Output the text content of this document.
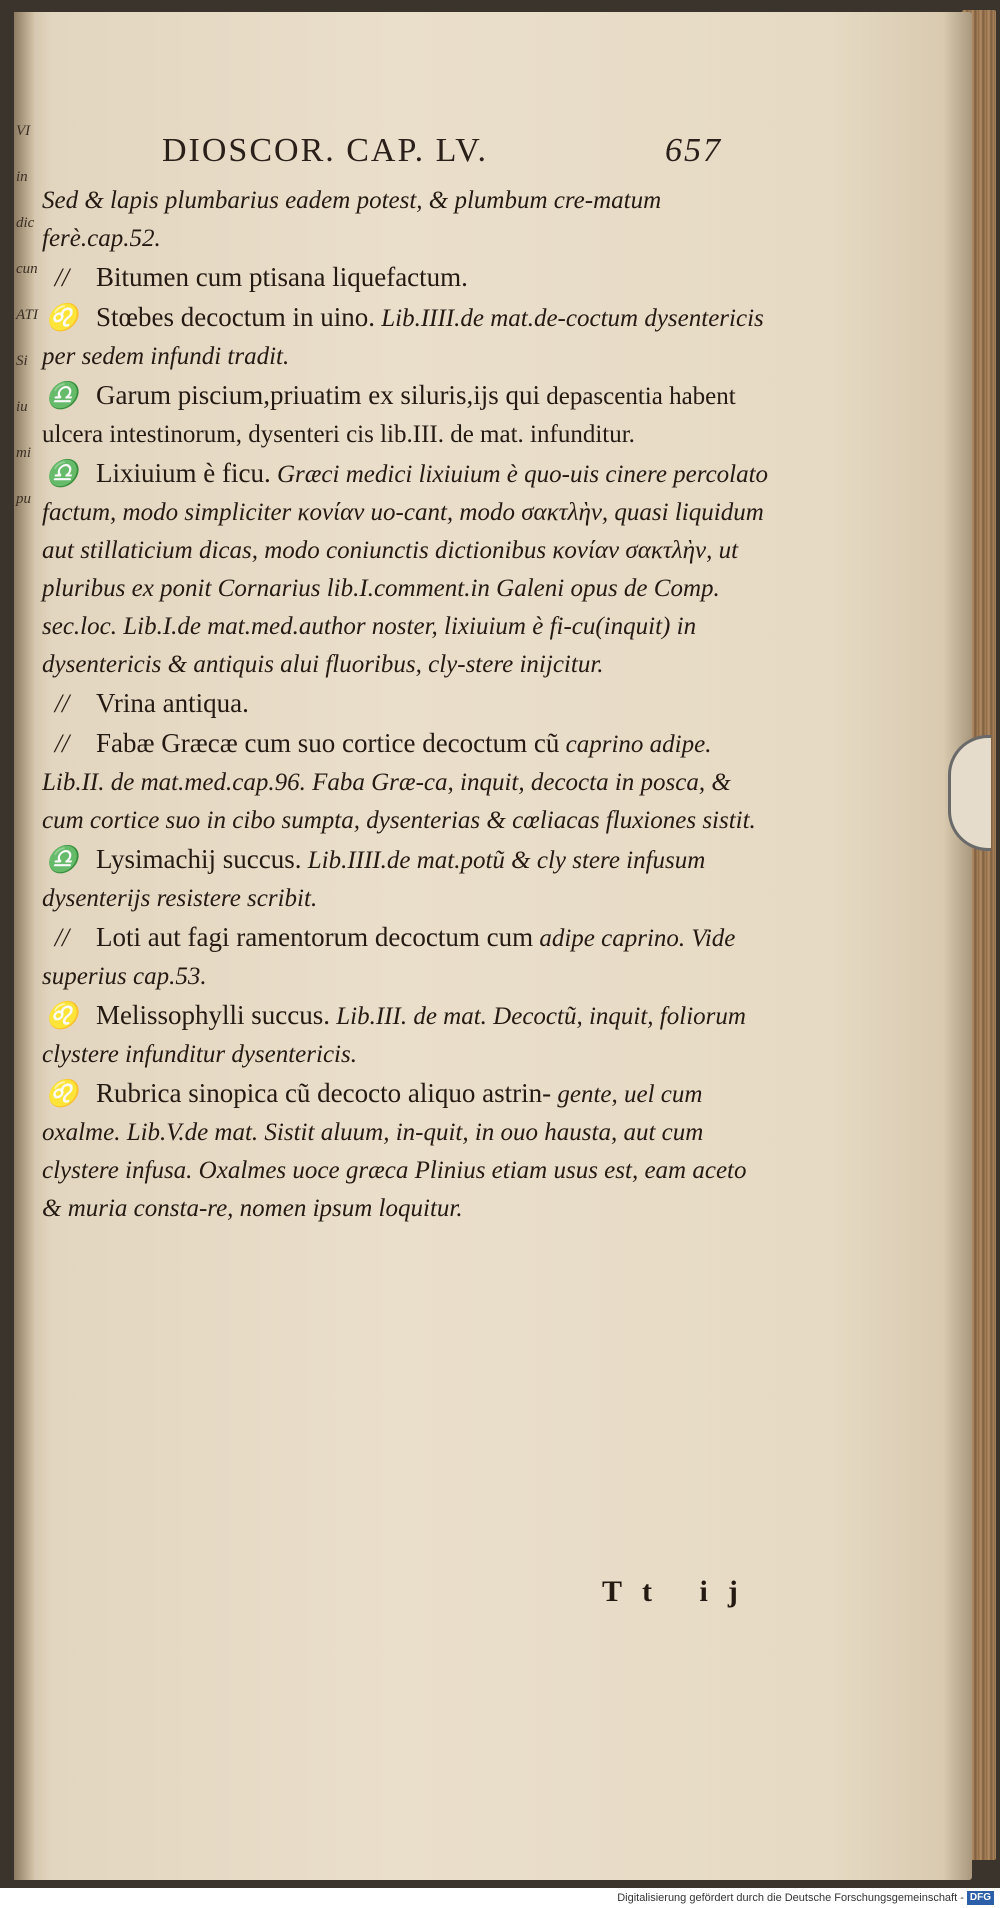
VI
in
dic
cun
ATI
Si
iu
mi
pu
DIOSCOR. CAP. LV.	657

Sed & lapis plumbarius eadem potest, & plumbum cre-matum ferè.cap.52.

// Bitumen cum ptisana liquefactum.

♌ Stœbes decoctum in uino. Lib.IIII.de mat.de-coctum dysentericis per sedem infundi tradit.

♎ Garum piscium,priuatim ex siluris,ijs qui depascentia habent ulcera intestinorum, dysenteri cis lib.III. de mat. infunditur.

♎ Lixiuium è ficu. Græci medici lixiuium è quo-uis cinere percolato factum, modo simpliciter κονίαν uo-cant, modo σακτλὴν, quasi liquidum aut stillaticium dicas, modo coniunctis dictionibus κονίαν σακτλὴν, ut pluribus ex ponit Cornarius lib.I.comment.in Galeni opus de Comp. sec.loc. Lib.I.de mat.med.author noster, lixiuium è fi-cu(inquit) in dysentericis & antiquis alui fluoribus, cly-stere inijcitur.

// Vrina antiqua.

// Fabæ Græcæ cum suo cortice decoctum cũ caprino adipe. Lib.II. de mat.med.cap.96. Faba Græ-ca, inquit, decocta in posca, & cum cortice suo in cibo sumpta, dysenterias & cœliacas fluxiones sistit.

♎ Lysimachij succus. Lib.IIII.de mat.potũ & cly stere infusum dysenterijs resistere scribit.

// Loti aut fagi ramentorum decoctum cum adipe caprino. Vide superius cap.53.

♌ Melissophylli succus. Lib.III. de mat. Decoctũ, inquit, foliorum clystere infunditur dysentericis.

♌ Rubrica sinopica cũ decocto aliquo astrin- gente, uel cum oxalme. Lib.V.de mat. Sistit aluum, in-quit, in ouo hausta, aut cum clystere infusa. Oxalmes uoce græca Plinius etiam usus est, eam aceto & muria consta-re, nomen ipsum loquitur.

Tt ij
Digitalisierung gefördert durch die Deutsche Forschungsgemeinschaft - DFG
